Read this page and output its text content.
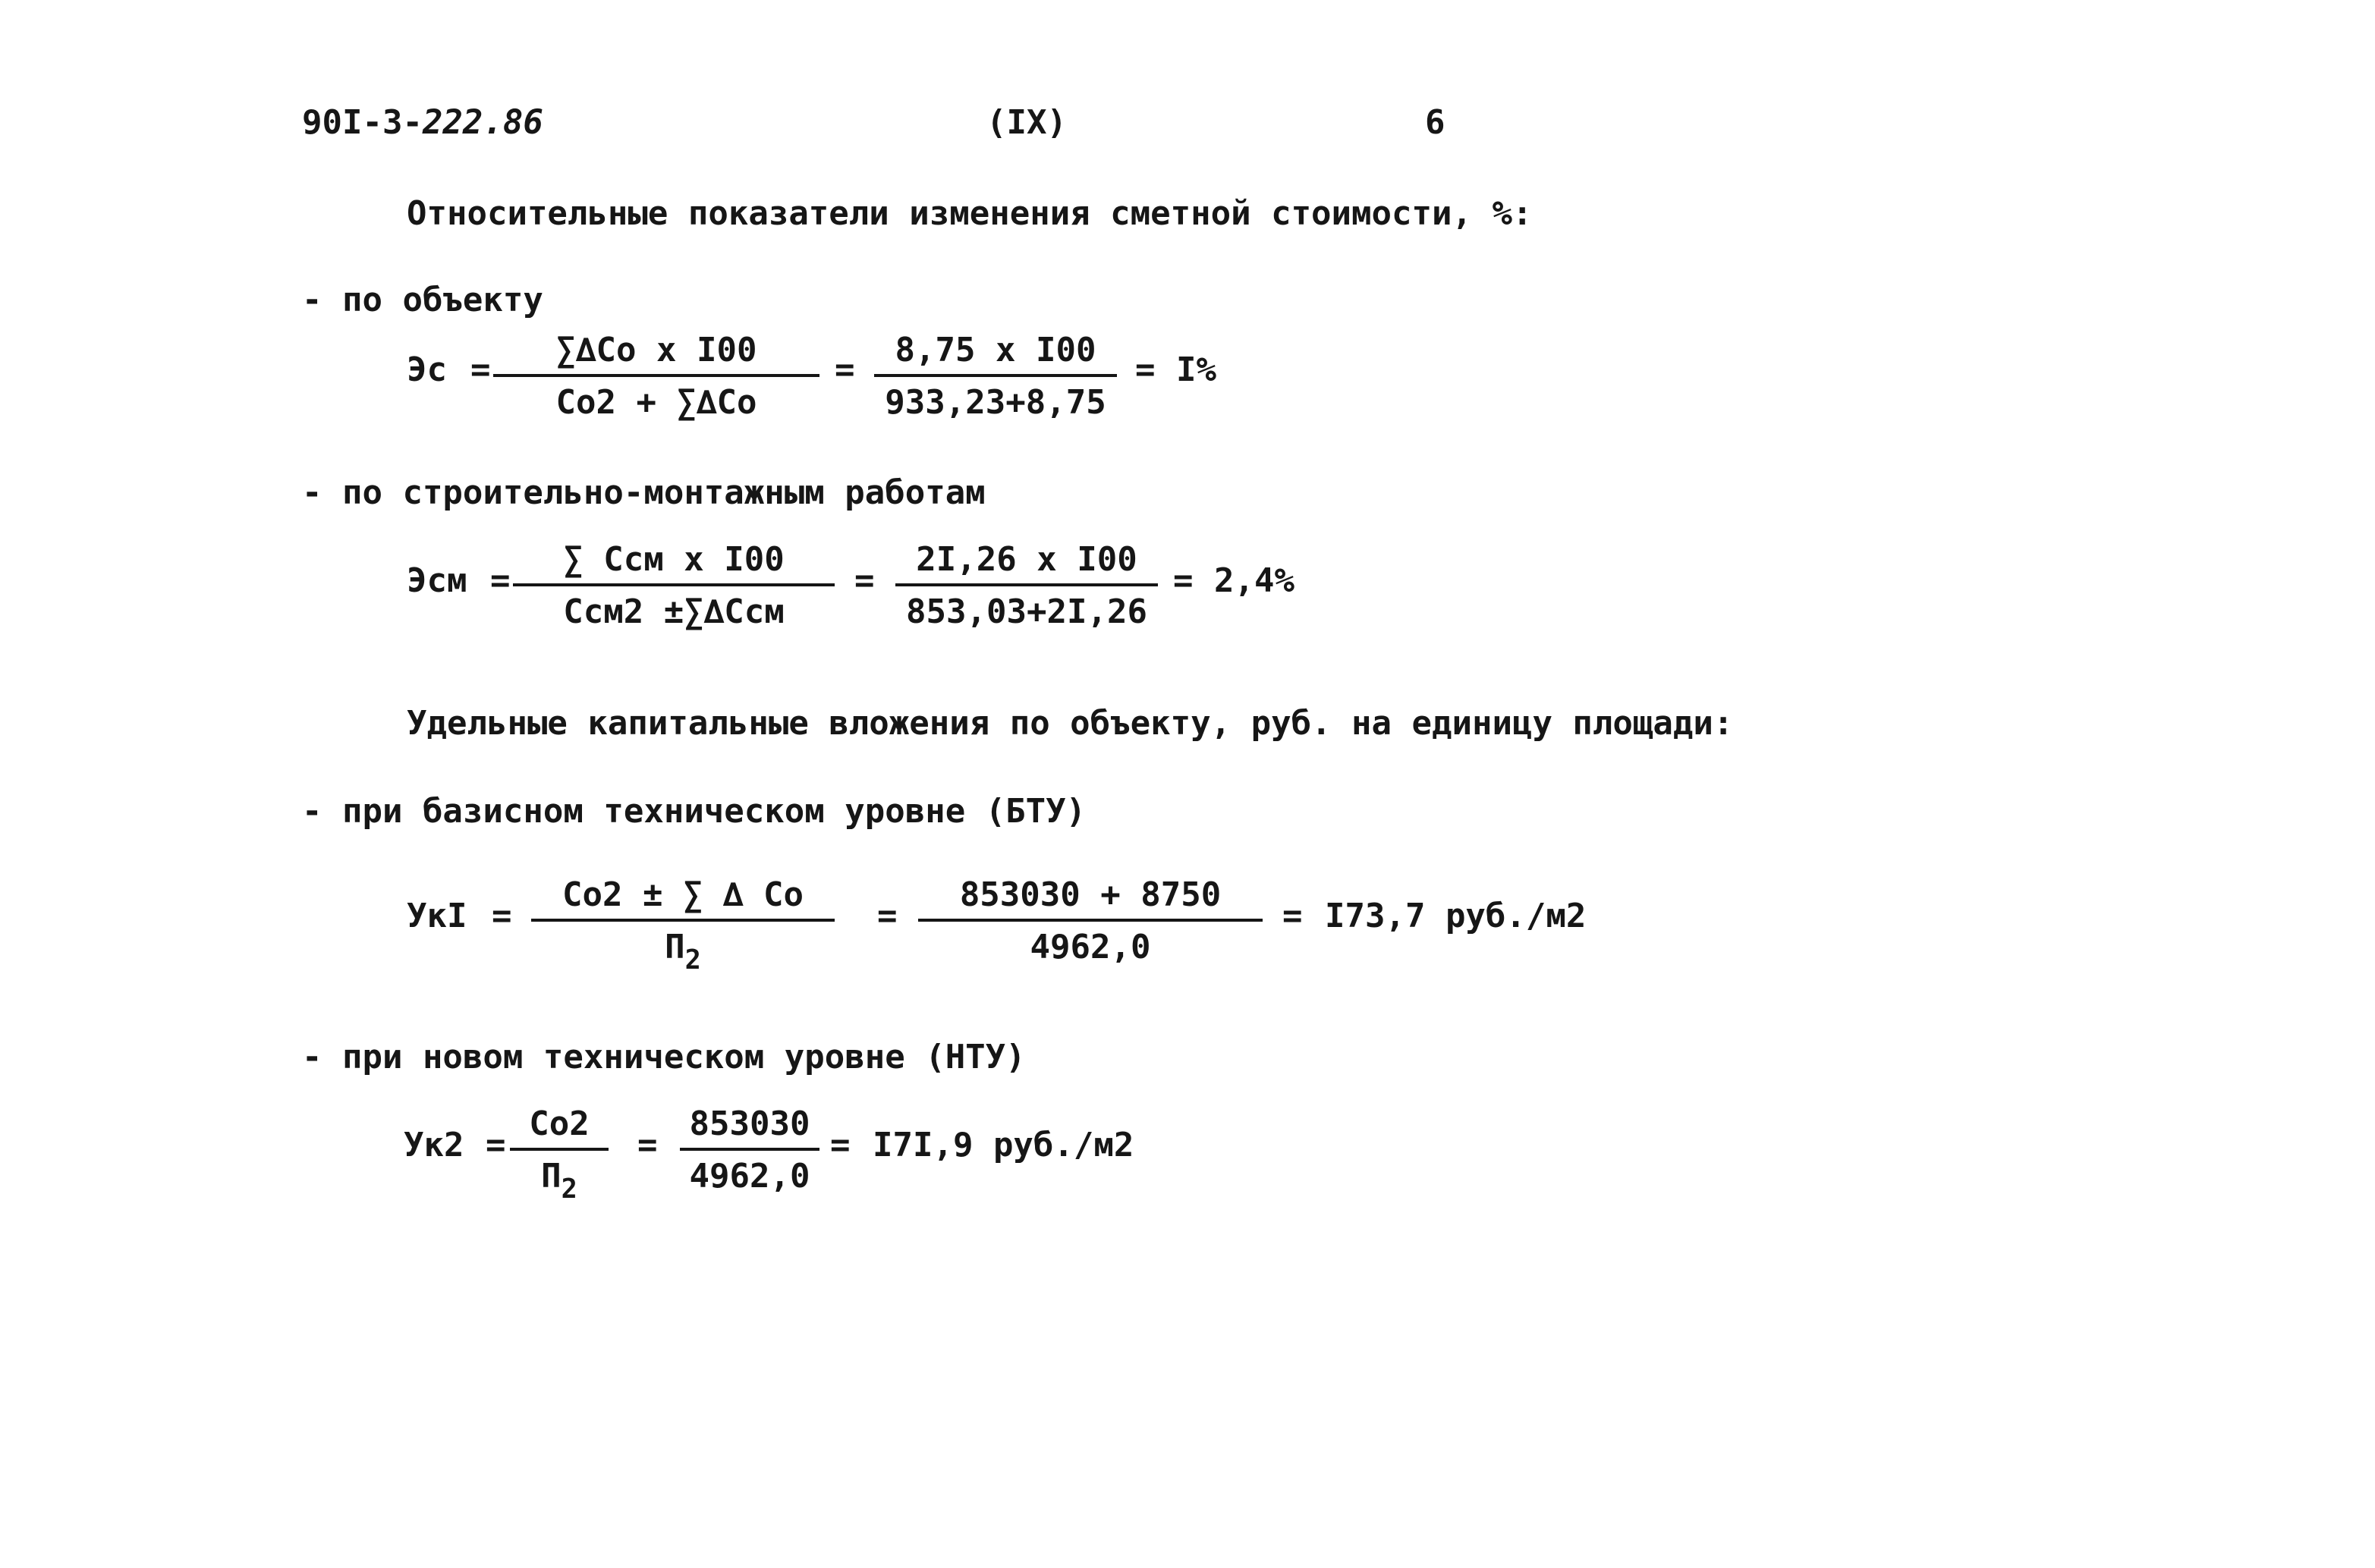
90I-3-222.86	(IX)	6
Относительные показатели изменения сметной стоимости, %:
- по объекту
Эс =
∑∆Co х I00
Co2 + ∑∆Co
=
8,75 х I00
933,23+8,75
= I%
- по строительно-монтажным работам
Эсм =
∑ Ccм х I00
Ccм2 ±∑∆Ccм
=
2I,26 х I00
853,03+2I,26
= 2,4%
Удельные капитальные вложения по объекту, руб. на единицу площади:
- при базисном техническом уровне (БТУ)
УкI =
Co2 ± ∑ ∆ Co
$П_2$
=
853030 + 8750
4962,0
= I73,7 руб./м2
- при новом техническом уровне (НТУ)
Ук2 =
Co2
$П_2$
=
853030
4962,0
= I7I,9 руб./м2
